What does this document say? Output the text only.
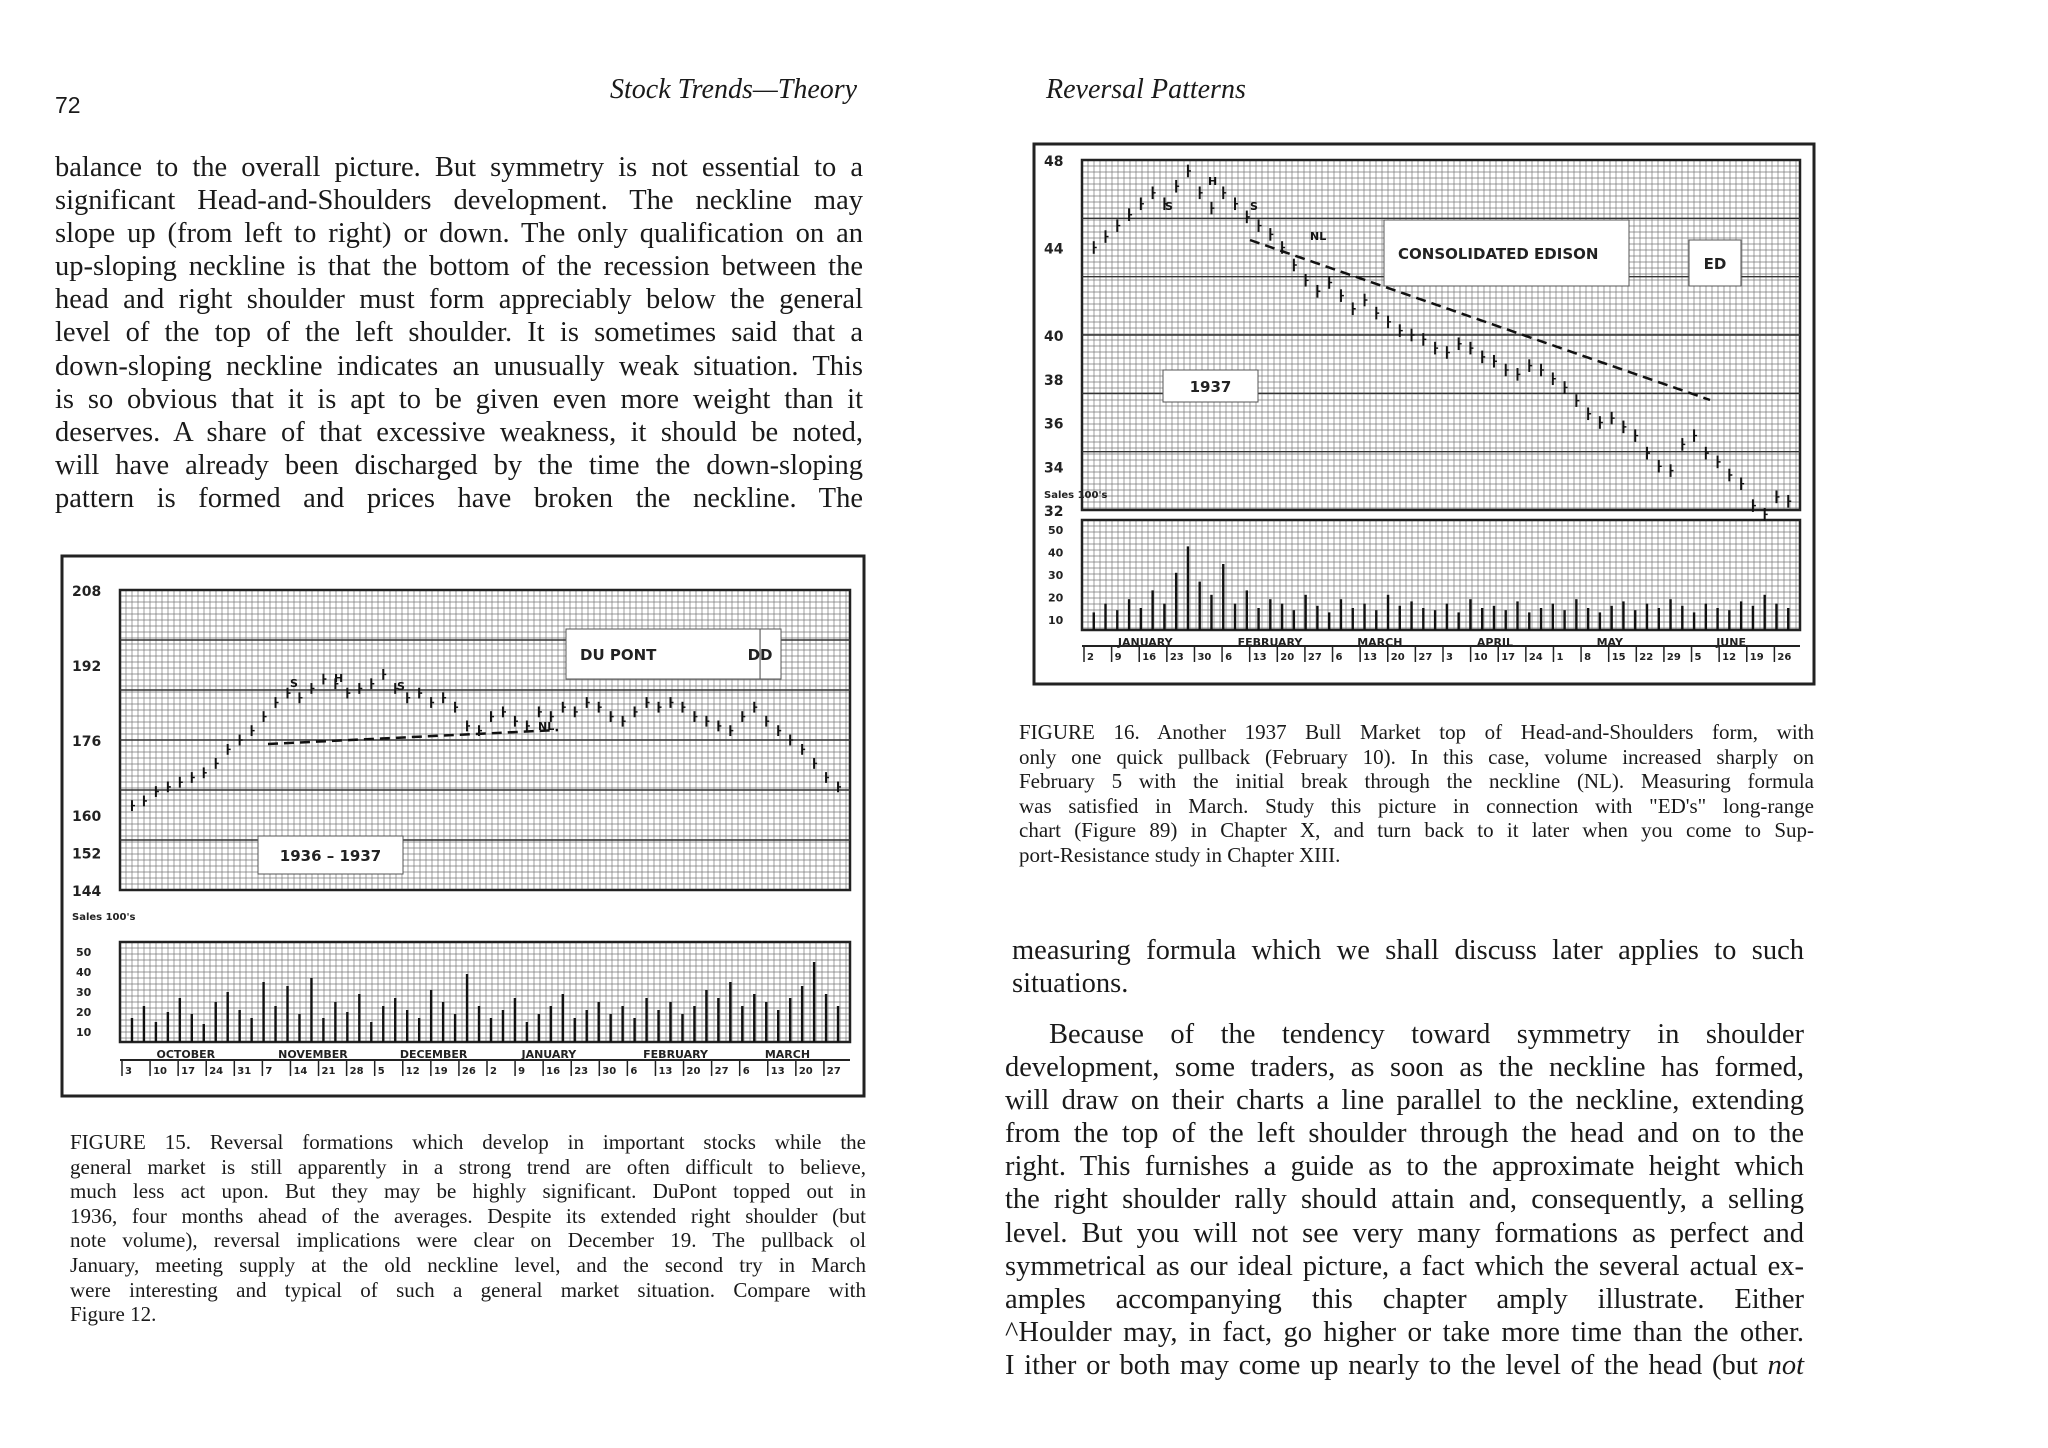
72	Stock Trends—Theory
balance to the overall picture. But symmetry is not essential to a
significant Head-and-Shoulders development. The neckline may
slope up (from left to right) or down. The only qualification on an
up-sloping neckline is that the bottom of the recession between the
head and right shoulder must form appreciably below the general
level of the top of the left shoulder. It is sometimes said that a
down-sloping neckline indicates an unusually weak situation. This
is so obvious that it is apt to be given even more weight than it
deserves. A share of that excessive weakness, it should be noted,
will have already been discharged by the time the down-sloping
pattern is formed and prices have broken the neckline. The
208
192
176
160
152
144
Sales 100's
50
40
30
20
10
S	H
S
NL
DU PONT	DD
1936 – 1937
OCTOBER	NOVEMBER	DECEMBER	JANUARY	FEBRUARY	MARCH
3 10 17 24 31 7 14 21 28 5 12 19 26 2 9 16 23 30 6 13 20 27 6 13 20 27
FIGURE 15. Reversal formations which develop in important stocks while the
general market is still apparently in a strong trend are often difficult to believe,
much less act upon. But they may be highly significant. DuPont topped out in
1936, four months ahead of the averages. Despite its extended right shoulder (but
note volume), reversal implications were clear on December 19. The pullback ol
January, meeting supply at the old neckline level, and the second try in March
were interesting and typical of such a general market situation. Compare with
Figure 12.
Reversal Patterns
48
44
40
38
36
34
32
Sales 100's
50
40
30
20
10
S
H
S
NL
CONSOLIDATED EDISON
ED
1937
JANUARY	FEBRUARY	MARCH	APRIL	MAY	JUNE
2 9 16 23 30 6 13 20 27 6 13 20 27 3 10 17 24 1 8 15 22 29 5 12 19 26
FIGURE 16. Another 1937 Bull Market top of Head-and-Shoulders form, with
only one quick pullback (February 10). In this case, volume increased sharply on
February 5 with the initial break through the neckline (NL). Measuring formula
was satisfied in March. Study this picture in connection with "ED's" long-range
chart (Figure 89) in Chapter X, and turn back to it later when you come to Sup-
port-Resistance study in Chapter XIII.
measuring formula which we shall discuss later applies to such
situations.
Because of the tendency toward symmetry in shoulder
development, some traders, as soon as the neckline has formed,
will draw on their charts a line parallel to the neckline, extending
from the top of the left shoulder through the head and on to the
right. This furnishes a guide as to the approximate height which
the right shoulder rally should attain and, consequently, a selling
level. But you will not see very many formations as perfect and
symmetrical as our ideal picture, a fact which the several actual ex-
amples accompanying this chapter amply illustrate. Either
^Houlder may, in fact, go higher or take more time than the other.
I ither or both may come up nearly to the level of the head (but not
